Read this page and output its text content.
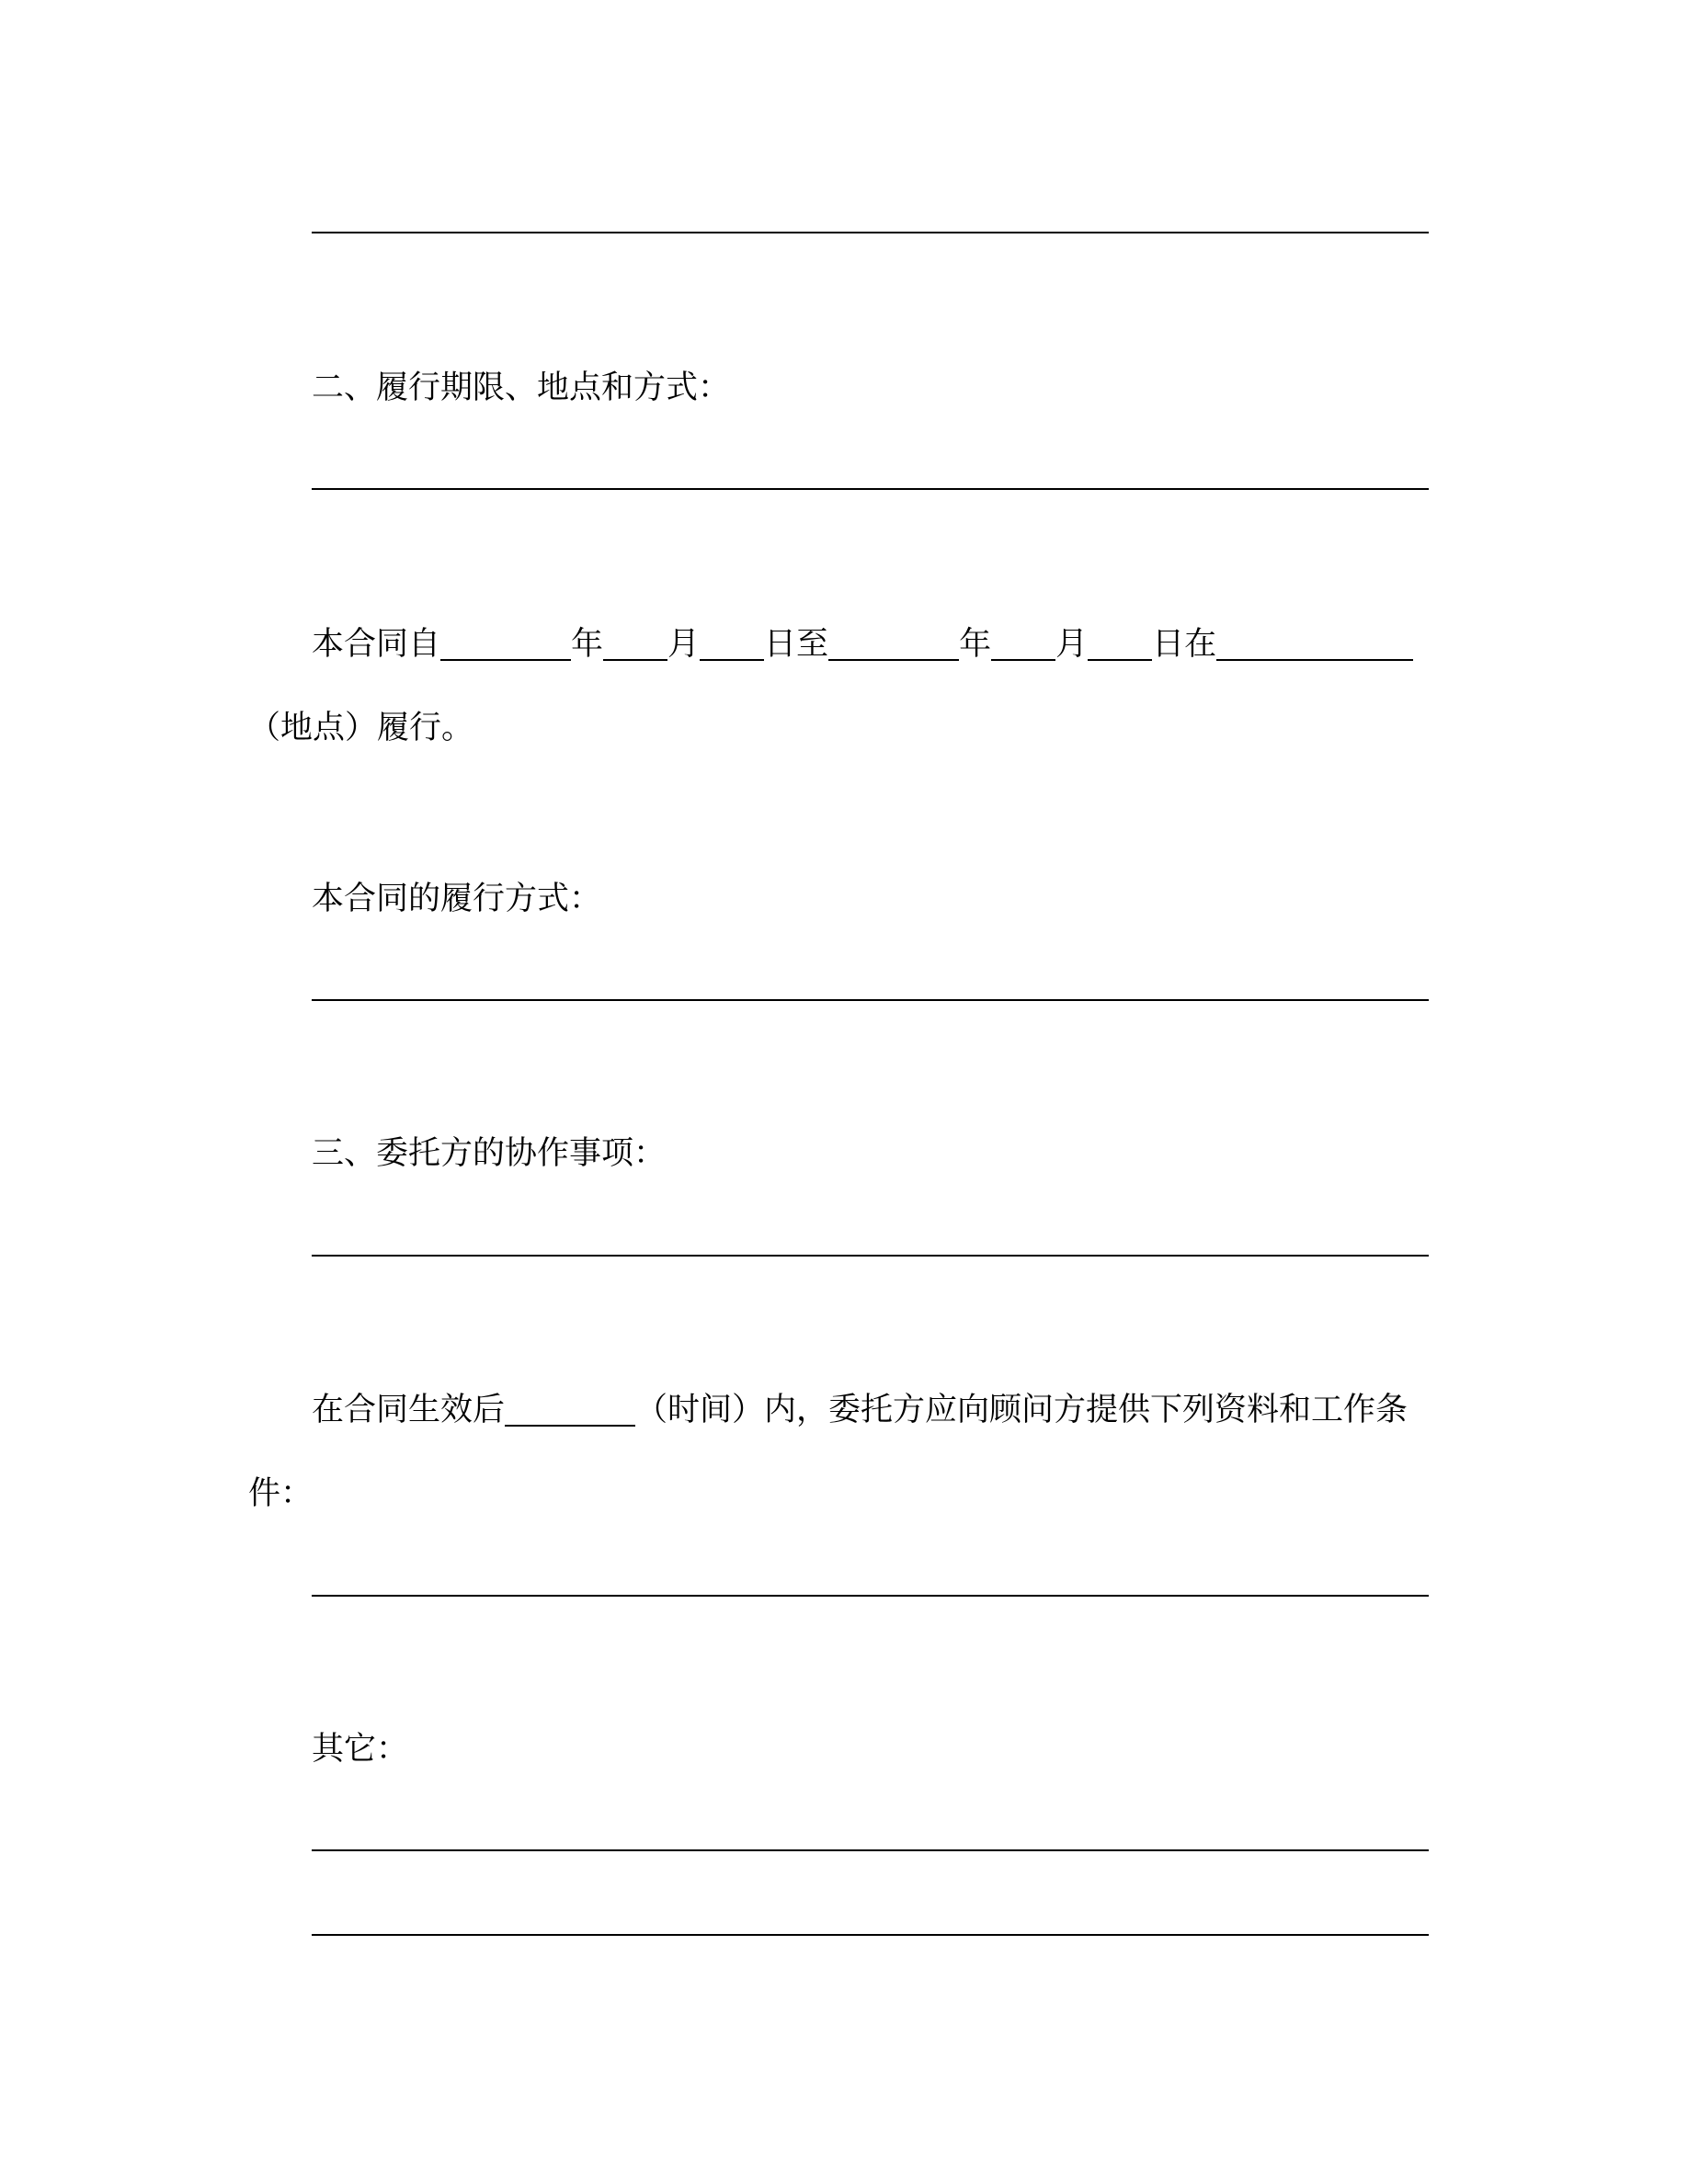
二、履行期限、地点和方式：
本合同自	年 月 日至	年 月 日在
（地点）履行。
本合同的履行方式：
三、委托方的协作事项：
在合同生效后	（时间）内，委托方应向顾问方提供下列资料和工作条
件：
其它：
